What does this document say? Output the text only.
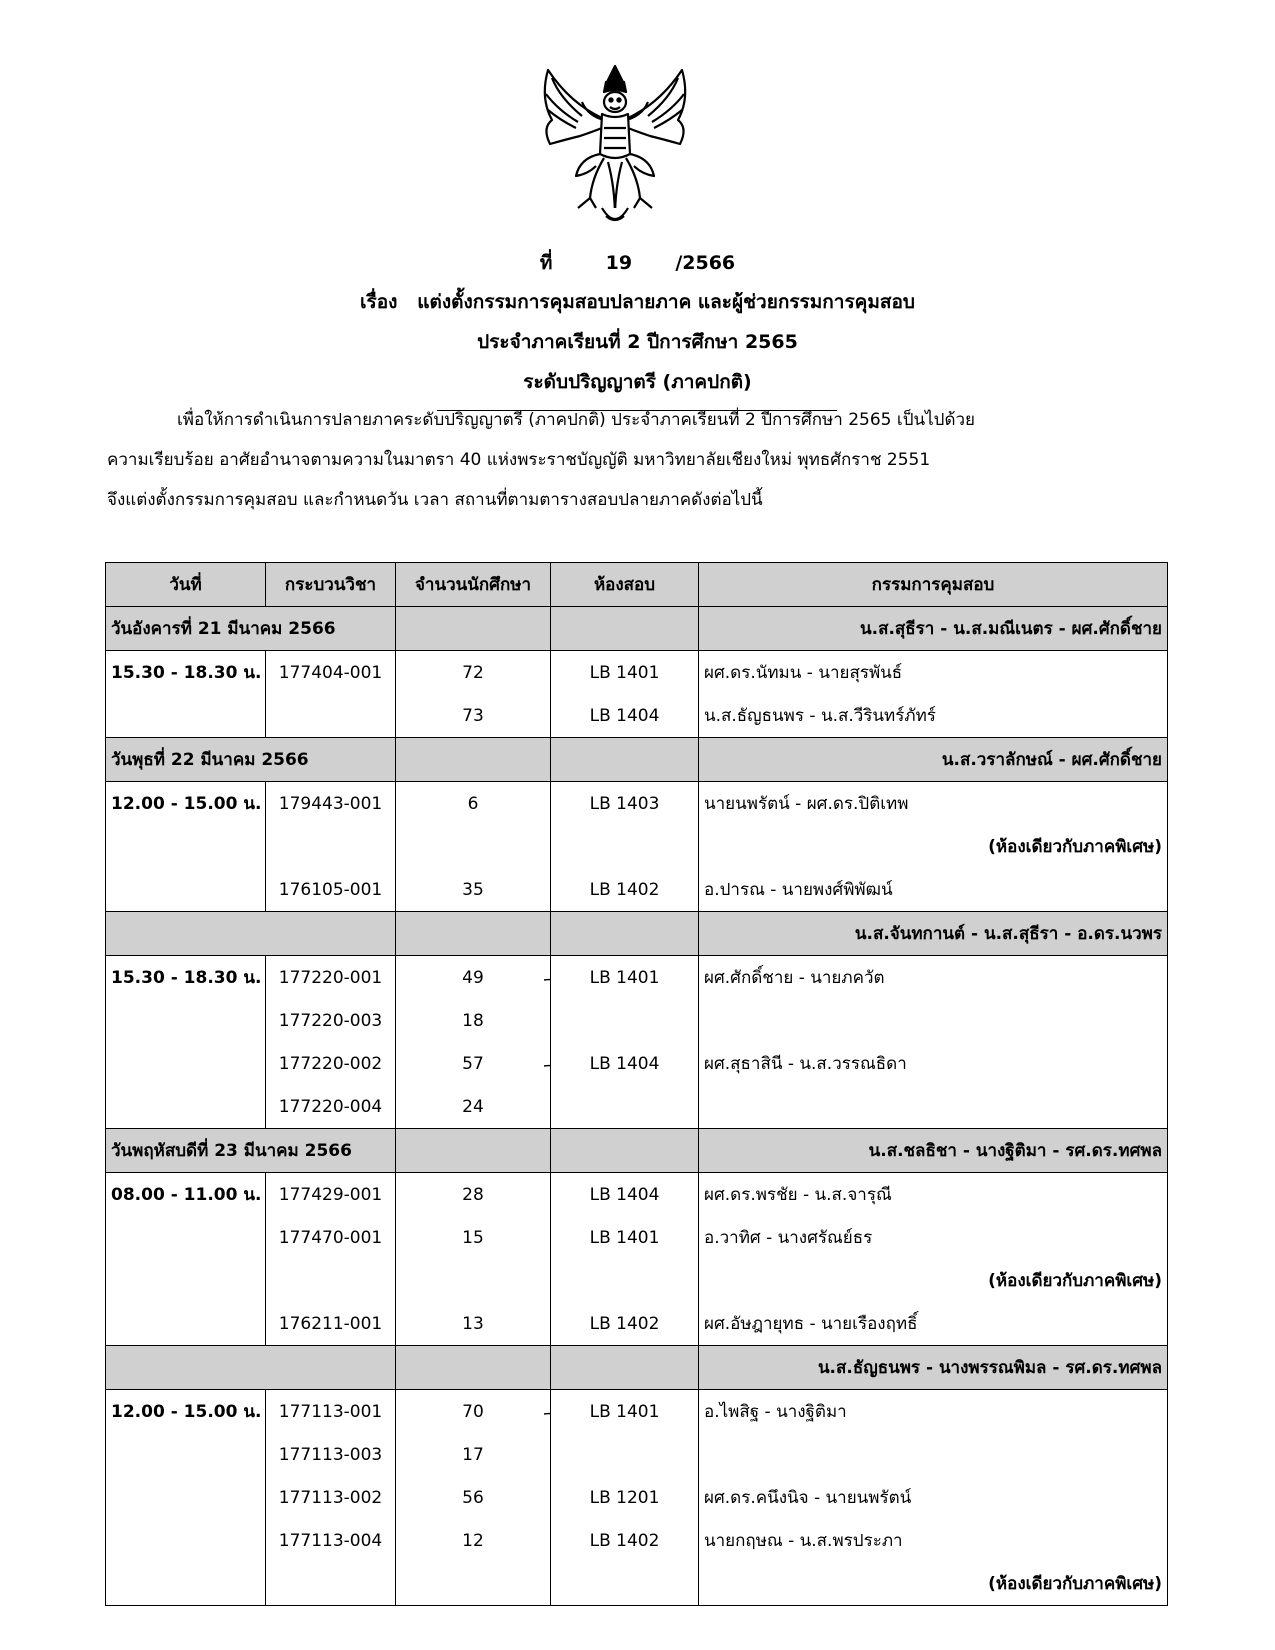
ที่	19 /2566
เรื่อง แต่งตั้งกรรมการคุมสอบปลายภาค และผู้ช่วยกรรมการคุมสอบ
ประจำภาคเรียนที่ 2 ปีการศึกษา 2565
ระดับปริญญาตรี (ภาคปกติ)

เพื่อให้การดำเนินการปลายภาคระดับปริญญาตรี (ภาคปกติ) ประจำภาคเรียนที่ 2 ปีการศึกษา 2565 เป็นไปด้วย

ความเรียบร้อย อาศัยอำนาจตามความในมาตรา 40 แห่งพระราชบัญญัติ มหาวิทยาลัยเชียงใหม่ พุทธศักราช 2551

จึงแต่งตั้งกรรมการคุมสอบ และกำหนดวัน เวลา สถานที่ตามตารางสอบปลายภาคดังต่อไปนี้

วันที่	กระบวนวิชา	จำนวนนักศึกษา	ห้องสอบ	กรรมการคุมสอบ
วันอังคารที่ 21 มีนาคม 2566				น.ส.สุธีรา - น.ส.มณีเนตร - ผศ.ศักดิ์ชาย
15.30 - 18.30 น.	177404-001	72	LB 1401	ผศ.ดร.นัทมน - นายสุรพันธ์
		73	LB 1404	น.ส.ธัญธนพร - น.ส.วีรินทร์ภัทร์
วันพุธที่ 22 มีนาคม 2566				น.ส.วราลักษณ์ - ผศ.ศักดิ์ชาย
12.00 - 15.00 น.	179443-001	6	LB 1403	นายนพรัตน์ - ผศ.ดร.ปิติเทพ
				(ห้องเดียวกับภาคพิเศษ)
	176105-001	35	LB 1402	อ.ปารณ - นายพงศ์พิพัฒน์
				น.ส.จันทกานต์ - น.ส.สุธีรา - อ.ดร.นวพร
15.30 - 18.30 น.	177220-001	49	LB 1401	ผศ.ศักดิ์ชาย - นายภควัต
	177220-003	18		
	177220-002	57	LB 1404	ผศ.สุธาสินี - น.ส.วรรณธิดา
	177220-004	24		
วันพฤหัสบดีที่ 23 มีนาคม 2566				น.ส.ชลธิชา - นางฐิติมา - รศ.ดร.ทศพล
08.00 - 11.00 น.	177429-001	28	LB 1404	ผศ.ดร.พรชัย - น.ส.จารุณี
	177470-001	15	LB 1401	อ.วาทิศ - นางศรัณย์ธร
				(ห้องเดียวกับภาคพิเศษ)
	176211-001	13	LB 1402	ผศ.อัษฎายุทธ - นายเรืองฤทธิ์
				น.ส.ธัญธนพร - นางพรรณพิมล - รศ.ดร.ทศพล
12.00 - 15.00 น.	177113-001	70	LB 1401	อ.ไพสิฐ - นางฐิติมา
	177113-003	17		
	177113-002	56	LB 1201	ผศ.ดร.คนึงนิจ - นายนพรัตน์
	177113-004	12	LB 1402	นายกฤษณ - น.ส.พรประภา
				(ห้องเดียวกับภาคพิเศษ)
